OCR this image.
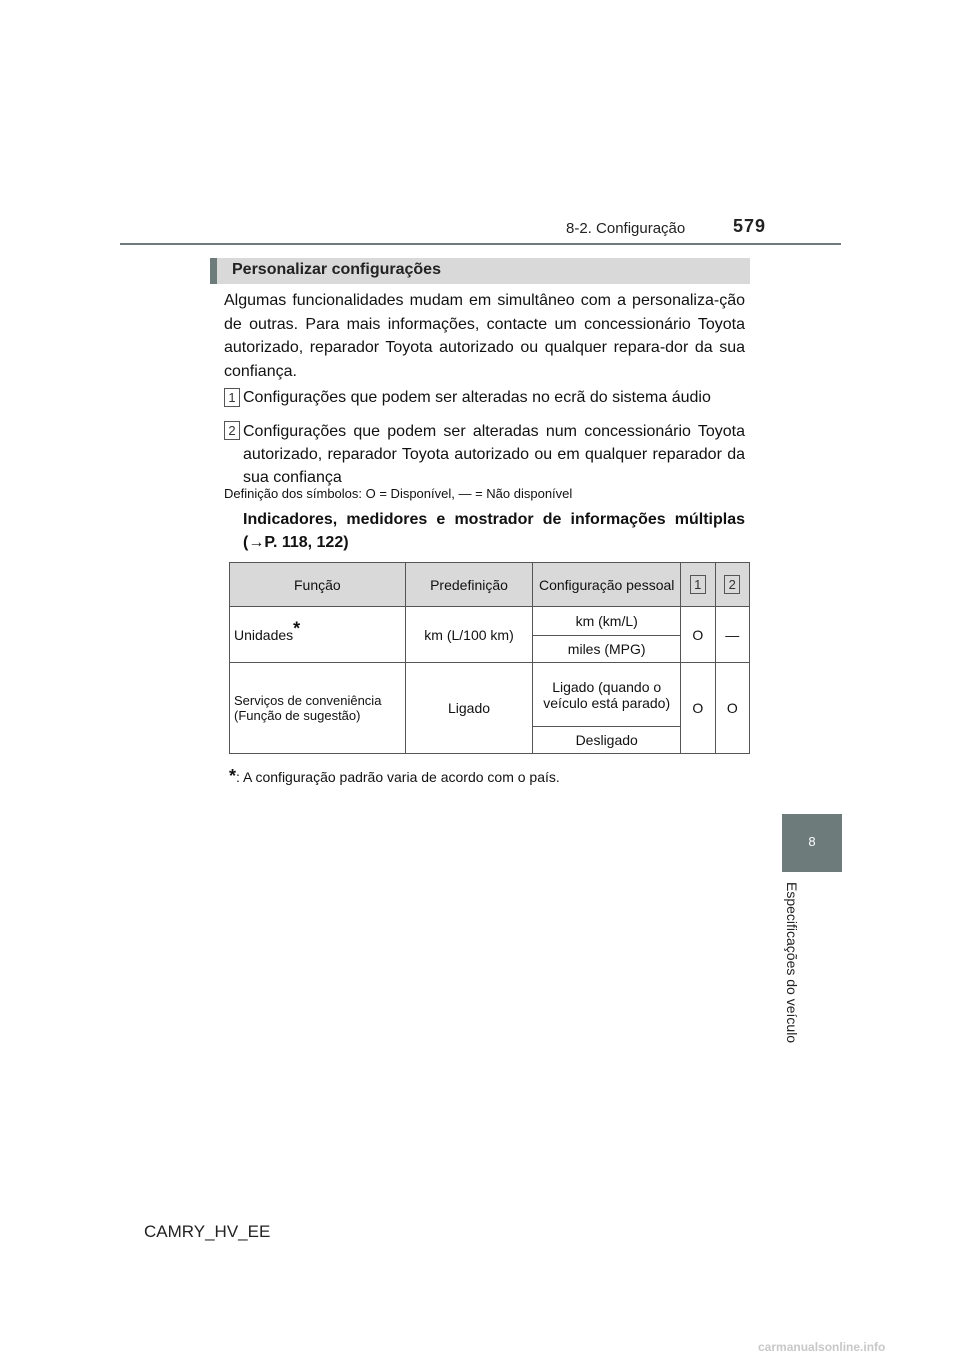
8-2. Configuração	579
Personalizar configurações
Algumas funcionalidades mudam em simultâneo com a personaliza-ção de outras. Para mais informações, contacte um concessionário Toyota autorizado, reparador Toyota autorizado ou qualquer repara-dor da sua confiança.
1 Configurações que podem ser alteradas no ecrã do sistema áudio
2 Configurações que podem ser alteradas num concessionário Toyota autorizado, reparador Toyota autorizado ou em qualquer reparador da sua confiança
Definição dos símbolos: O = Disponível, — = Não disponível
Indicadores, medidores e mostrador de informações múltiplas (→P. 118, 122)
Função	Predefinição	Configuração pessoal	1	2
Unidades*	km (L/100 km)	km (km/L)	O	—
		miles (MPG)		
Serviços de conveniência (Função de sugestão)	Ligado	Ligado (quando o veículo está parado)	O	O
		Desligado		
*: A configuração padrão varia de acordo com o país.
8
Especificações do veículo
CAMRY_HV_EE
carmanualsonline.info
